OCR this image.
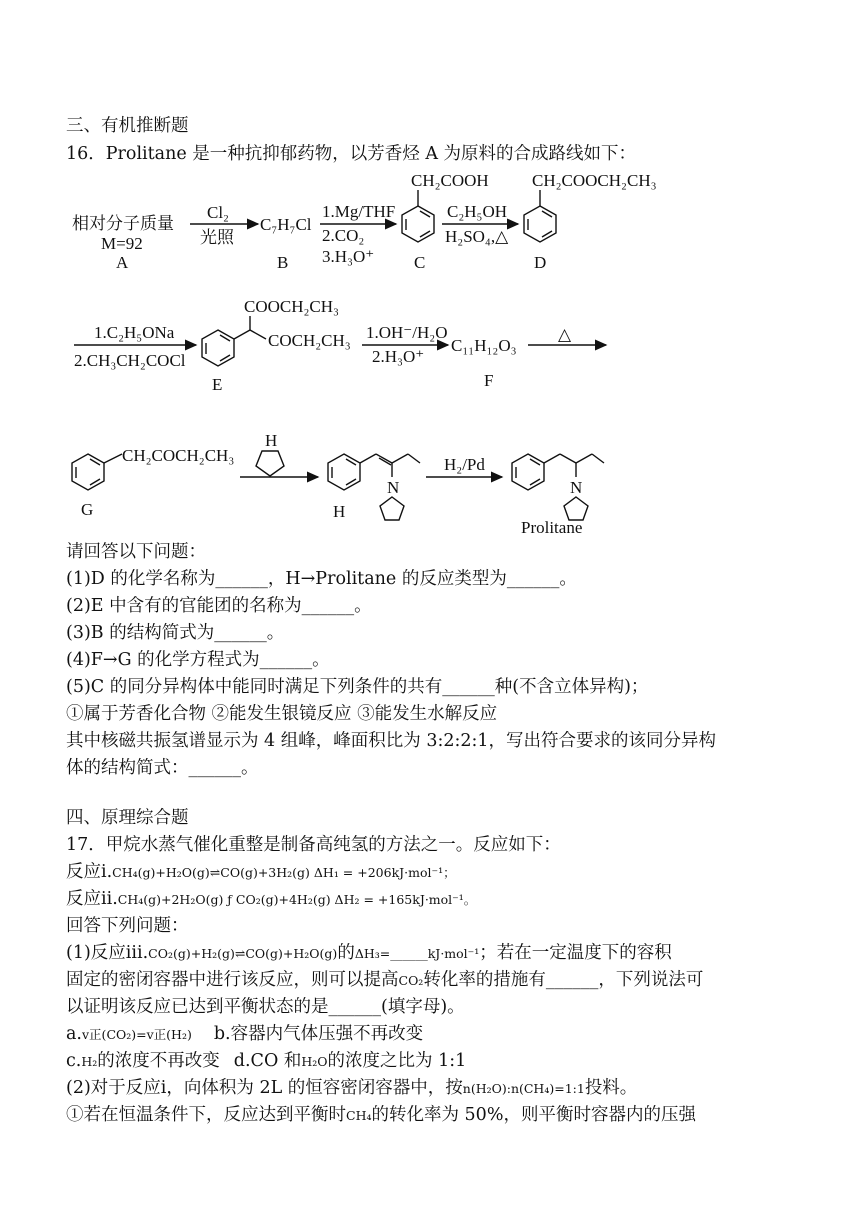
三、有机推断题
16．Prolitane 是一种抗抑郁药物，以芳香烃 A 为原料的合成路线如下：
相对分子质量
M=92
A
Cl₂
光照
C₇H₇Cl
B
1.Mg/THF
2.CO₂
3.H₃O⁺
CH₂COOH
C
C₂H₅OH
H₂SO₄,△
CH₂COOCH₂CH₃
D
1.C₂H₅ONa
2.CH₃CH₂COCl
COOCH₂CH₃
COCH₂CH₃
E
1.OH⁻/H₂O
2.H₃O⁺
C₁₁H₁₂O₃
F
△
CH₂COCH₂CH₃
G
H
N
H
H₂/Pd
N
Prolitane
请回答以下问题：
(1)D 的化学名称为______，H→Prolitane 的反应类型为______。
(2)E 中含有的官能团的名称为______。
(3)B 的结构简式为______。
(4)F→G 的化学方程式为______。
(5)C 的同分异构体中能同时满足下列条件的共有______种(不含立体异构)；
①属于芳香化合物 ②能发生银镜反应 ③能发生水解反应
其中核磁共振氢谱显示为 4 组峰，峰面积比为 3:2:2:1，写出符合要求的该同分异构
体的结构简式：______。
四、原理综合题
17．甲烷水蒸气催化重整是制备高纯氢的方法之一。反应如下：
反应i.CH₄(g)+H₂O(g)⇌CO(g)+3H₂(g) ΔH₁ = +206kJ·mol⁻¹；
反应ii.CH₄(g)+2H₂O(g) ƒ CO₂(g)+4H₂(g) ΔH₂ = +165kJ·mol⁻¹。
回答下列问题：
(1)反应iii.CO₂(g)+H₂(g)⇌CO(g)+H₂O(g)的ΔH₃=______kJ·mol⁻¹；若在一定温度下的容积
固定的密闭容器中进行该反应，则可以提高CO₂转化率的措施有______，下列说法可
以证明该反应已达到平衡状态的是______(填字母)。
a.v正(CO₂)=v正(H₂) b.容器内气体压强不再改变
c.H₂的浓度不再改变 d.CO 和H₂O的浓度之比为 1:1
(2)对于反应i，向体积为 2L 的恒容密闭容器中，按n(H₂O):n(CH₄)=1:1投料。
①若在恒温条件下，反应达到平衡时CH₄的转化率为 50%，则平衡时容器内的压强
